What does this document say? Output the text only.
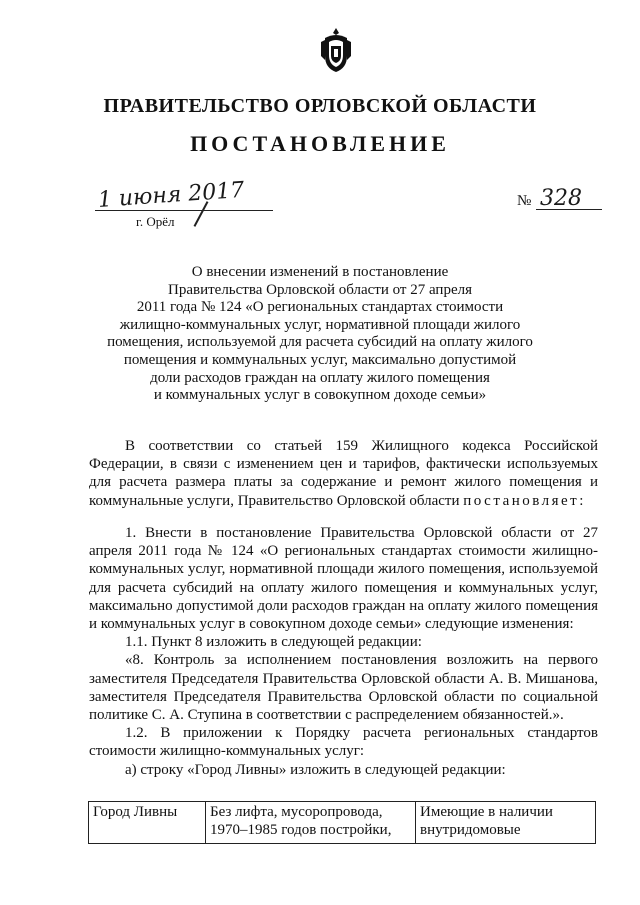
ПРАВИТЕЛЬСТВО ОРЛОВСКОЙ ОБЛАСТИ
ПОСТАНОВЛЕНИЕ
1 июня 2017
г. Орёл
№ 328
О внесении изменений в постановление
Правительства Орловской области от 27 апреля
2011 года № 124 «О региональных стандартах стоимости
жилищно-коммунальных услуг, нормативной площади жилого
помещения, используемой для расчета субсидий на оплату жилого
помещения и коммунальных услуг, максимально допустимой
доли расходов граждан на оплату жилого помещения
и коммунальных услуг в совокупном доходе семьи»

В соответствии со статьей 159 Жилищного кодекса Российской Федерации, в связи с изменением цен и тарифов, фактически используемых для расчета размера платы за содержание и ремонт жилого помещения и коммунальные услуги, Правительство Орловской области постановляет:

1. Внести в постановление Правительства Орловской области от 27 апреля 2011 года № 124 «О региональных стандартах стоимости жилищно-коммунальных услуг, нормативной площади жилого помещения, используемой для расчета субсидий на оплату жилого помещения и коммунальных услуг, максимально допустимой доли расходов граждан на оплату жилого помещения и коммунальных услуг в совокупном доходе семьи» следующие изменения:

1.1. Пункт 8 изложить в следующей редакции:

«8. Контроль за исполнением постановления возложить на первого заместителя Председателя Правительства Орловской области А. В. Мишанова, заместителя Председателя Правительства Орловской области по социальной политике С. А. Ступина в соответствии с распределением обязанностей.».

1.2. В приложении к Порядку расчета региональных стандартов стоимости жилищно-коммунальных услуг:

а) строку «Город Ливны» изложить в следующей редакции:

Город Ливны	Без лифта, мусоропровода, 1970–1985 годов постройки,	Имеющие в наличии внутридомовые
